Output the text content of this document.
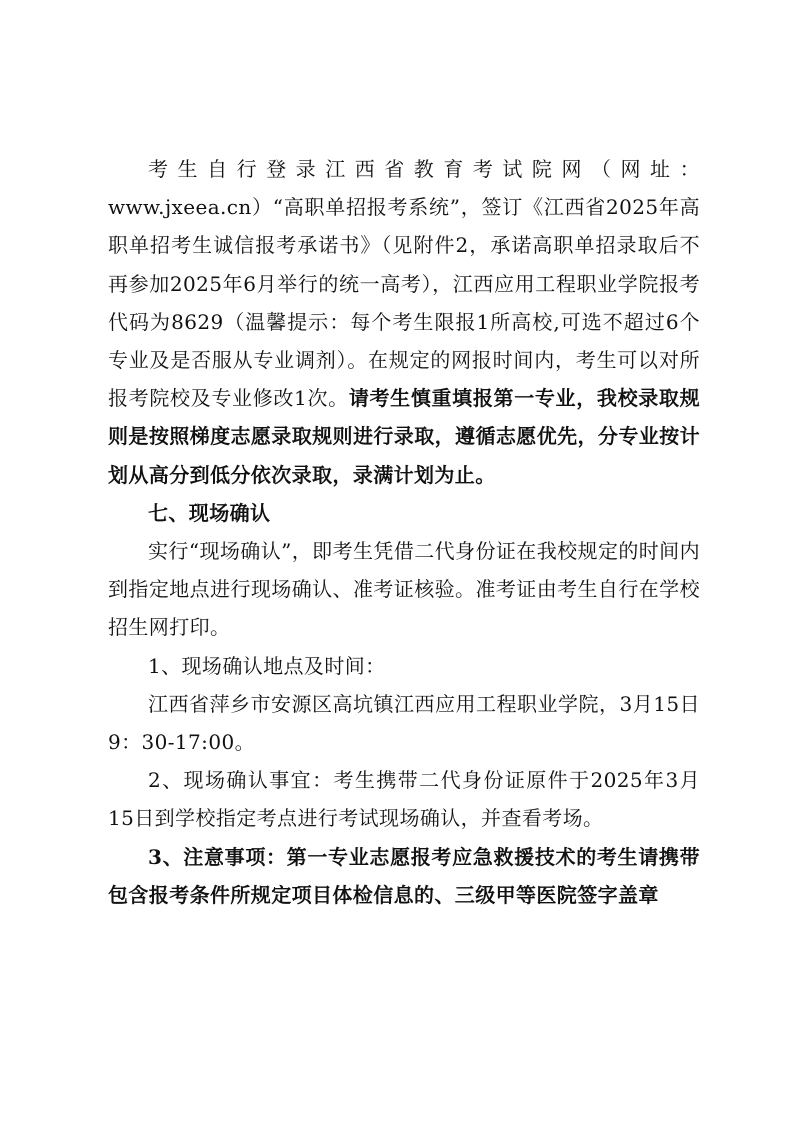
考生自行登录江西省教育考试院网（网址：www.jxeea.cn）“高职单招报考系统”，签订《江西省2025年高职单招考生诚信报考承诺书》（见附件2，承诺高职单招录取后不再参加2025年6月举行的统一高考），江西应用工程职业学院报考代码为8629（温馨提示：每个考生限报1所高校,可选不超过6个专业及是否服从专业调剂）。在规定的网报时间内，考生可以对所报考院校及专业修改1次。请考生慎重填报第一专业，我校录取规则是按照梯度志愿录取规则进行录取，遵循志愿优先，分专业按计划从高分到低分依次录取，录满计划为止。

七、现场确认

实行“现场确认”，即考生凭借二代身份证在我校规定的时间内到指定地点进行现场确认、准考证核验。准考证由考生自行在学校招生网打印。

1、现场确认地点及时间：

江西省萍乡市安源区高坑镇江西应用工程职业学院，3月15日9：30-17:00。

2、现场确认事宜：考生携带二代身份证原件于2025年3月15日到学校指定考点进行考试现场确认，并查看考场。

3、注意事项：第一专业志愿报考应急救援技术的考生请携带包含报考条件所规定项目体检信息的、三级甲等医院签字盖章
